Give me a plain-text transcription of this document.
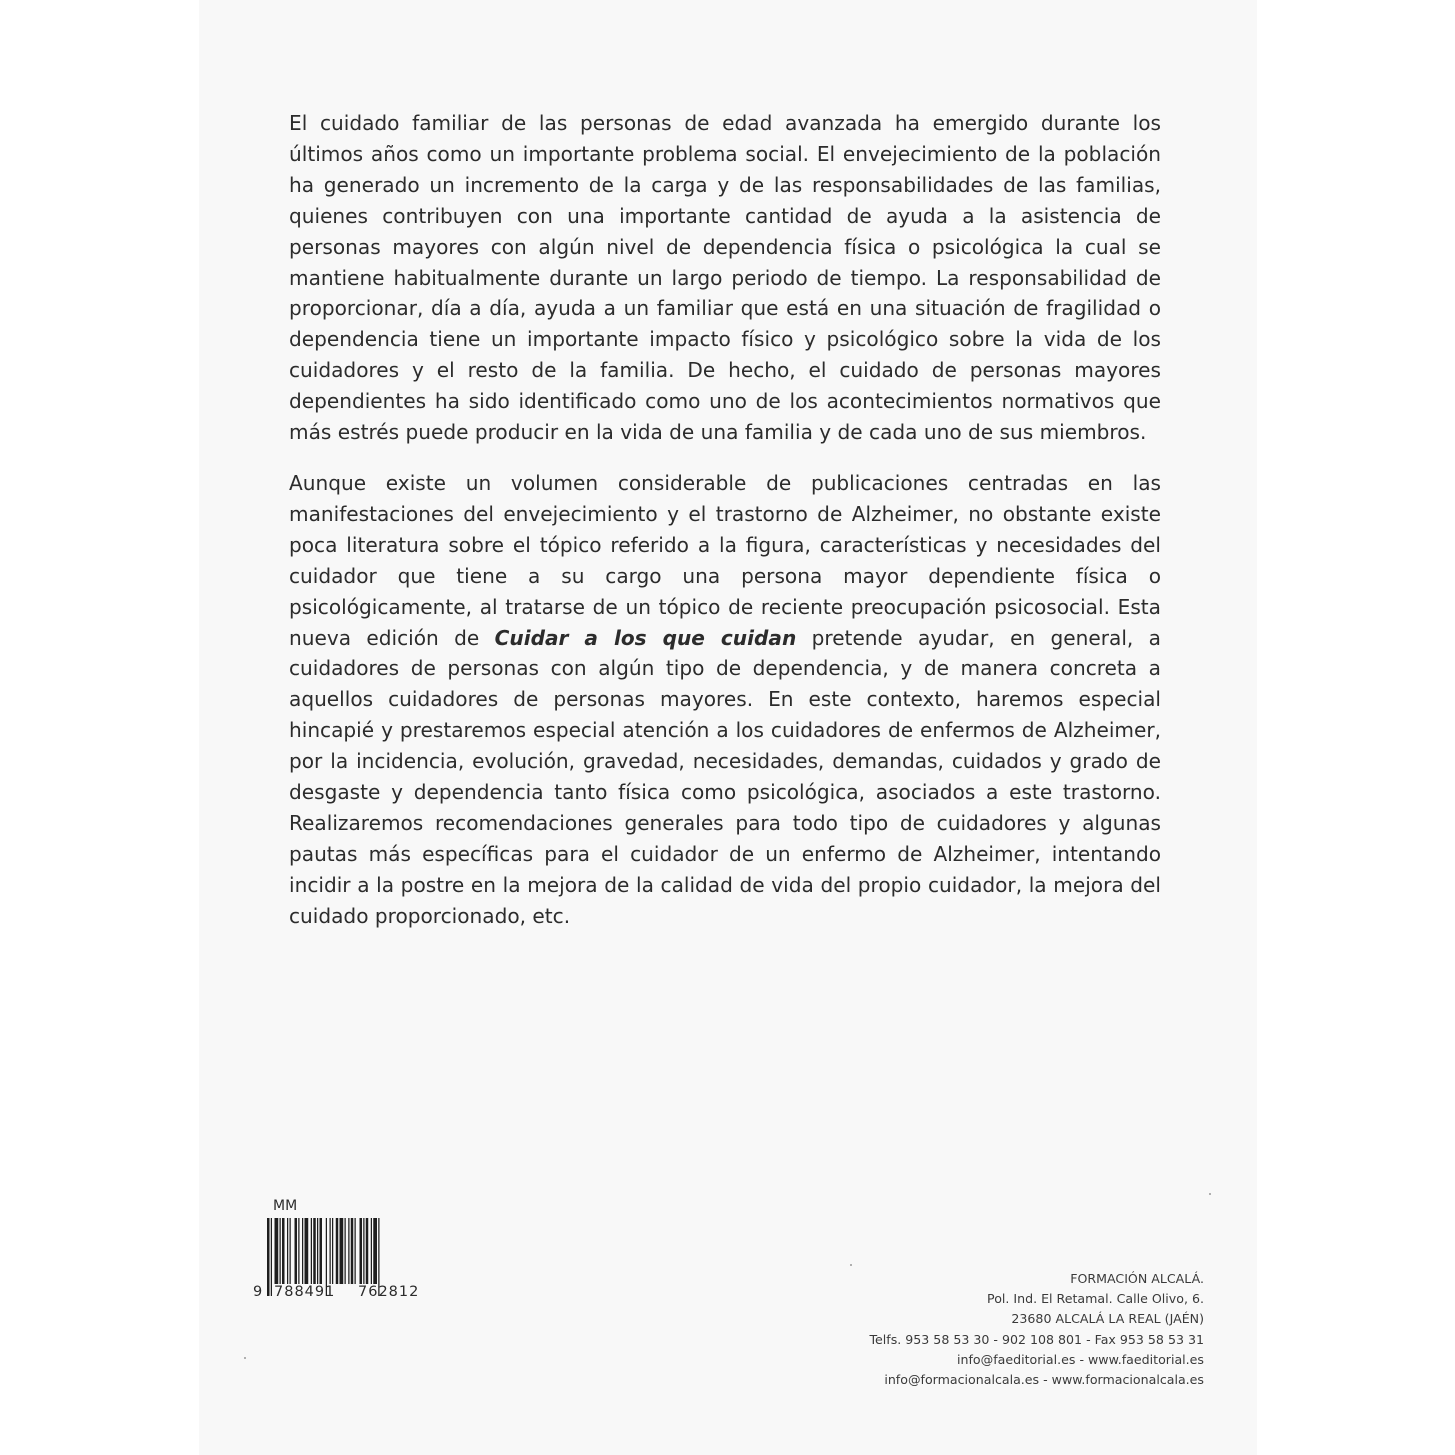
El cuidado familiar de las personas de edad avanzada ha emergido durante los últimos años como un importante problema social. El envejecimiento de la población ha generado un incremento de la carga y de las responsabilidades de las familias, quienes contribuyen con una importante cantidad de ayuda a la asistencia de personas mayores con algún nivel de dependencia física o psicológica la cual se mantiene habitualmente durante un largo periodo de tiempo. La responsabilidad de proporcionar, día a día, ayuda a un familiar que está en una situación de fragilidad o dependencia tiene un importante impacto físico y psicológico sobre la vida de los cuidadores y el resto de la familia. De hecho, el cuidado de personas mayores dependientes ha sido identificado como uno de los acontecimientos normativos que más estrés puede producir en la vida de una familia y de cada uno de sus miembros.

Aunque existe un volumen considerable de publicaciones centradas en las manifestaciones del envejecimiento y el trastorno de Alzheimer, no obstante existe poca literatura sobre el tópico referido a la figura, características y necesidades del cuidador que tiene a su cargo una persona mayor dependiente física o psicológicamente, al tratarse de un tópico de reciente preocupación psicosocial. Esta nueva edición de Cuidar a los que cuidan pretende ayudar, en general, a cuidadores de personas con algún tipo de dependencia, y de manera concreta a aquellos cuidadores de personas mayores. En este contexto, haremos especial hincapié y prestaremos especial atención a los cuidadores de enfermos de Alzheimer, por la incidencia, evolución, gravedad, necesidades, demandas, cuidados y grado de desgaste y dependencia tanto física como psicológica, asociados a este trastorno. Realizaremos recomendaciones generales para todo tipo de cuidadores y algunas pautas más específicas para el cuidador de un enfermo de Alzheimer, intentando incidir a la postre en la mejora de la calidad de vida del propio cuidador, la mejora del cuidado proporcionado, etc.

MM
9 788491 762812
FORMACIÓN ALCALÁ.
Pol. Ind. El Retamal. Calle Olivo, 6.
23680 ALCALÁ LA REAL (JAÉN)
Telfs. 953 58 53 30 - 902 108 801 - Fax 953 58 53 31
info@faeditorial.es - www.faeditorial.es
info@formacionalcala.es - www.formacionalcala.es
